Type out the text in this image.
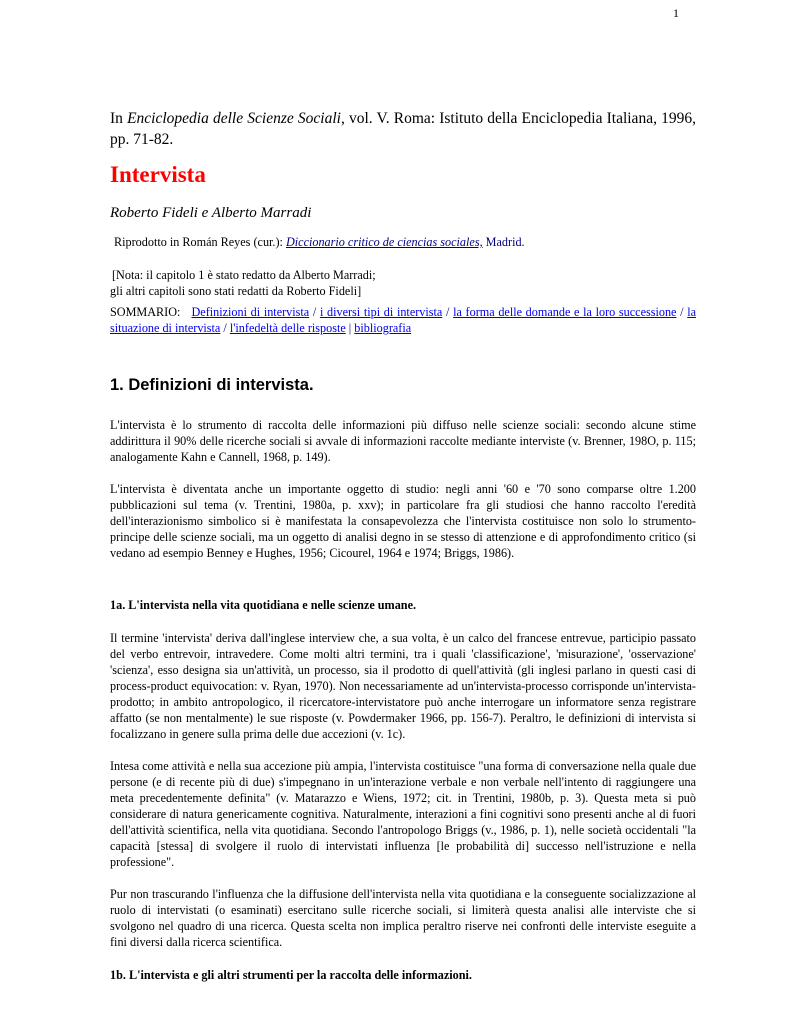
1

In Enciclopedia delle Scienze Sociali, vol. V. Roma: Istituto della Enciclopedia Italiana, 1996, pp. 71-82.

Intervista

Roberto Fideli e Alberto Marradi

Riprodotto in Román Reyes (cur.): Diccionario critico de ciencias sociales, Madrid.

[Nota: il capitolo 1 è stato redatto da Alberto Marradi;
gli altri capitoli sono stati redatti da Roberto Fideli]

SOMMARIO: Definizioni di intervista / i diversi tipi di intervista / la forma delle domande e la loro successione / la situazione di intervista / l'infedeltà delle risposte | bibliografia

1. Definizioni di intervista.

L'intervista è lo strumento di raccolta delle informazioni più diffuso nelle scienze sociali: secondo alcune stime addirittura il 90% delle ricerche sociali si avvale di informazioni raccolte mediante interviste (v. Brenner, 198O, p. 115; analogamente Kahn e Cannell, 1968, p. 149).

L'intervista è diventata anche un importante oggetto di studio: negli anni '60 e '70 sono comparse oltre 1.200 pubblicazioni sul tema (v. Trentini, 1980a, p. xxv); in particolare fra gli studiosi che hanno raccolto l'eredità dell'interazionismo simbolico si è manifestata la consapevolezza che l'intervista costituisce non solo lo strumento-principe delle scienze sociali, ma un oggetto di analisi degno in se stesso di attenzione e di approfondimento critico (si vedano ad esempio Benney e Hughes, 1956; Cicourel, 1964 e 1974; Briggs, 1986).

1a. L'intervista nella vita quotidiana e nelle scienze umane.

Il termine 'intervista' deriva dall'inglese interview che, a sua volta, è un calco del francese entrevue, participio passato del verbo entrevoir, intravedere. Come molti altri termini, tra i quali 'classificazione', 'misurazione', 'osservazione' 'scienza', esso designa sia un'attività, un processo, sia il prodotto di quell'attività (gli inglesi parlano in questi casi di process-product equivocation: v. Ryan, 1970). Non necessariamente ad un'intervista-processo corrisponde un'intervista-prodotto; in ambito antropologico, il ricercatore-intervistatore può anche interrogare un informatore senza registrare affatto (se non mentalmente) le sue risposte (v. Powdermaker 1966, pp. 156-7). Peraltro, le definizioni di intervista si focalizzano in genere sulla prima delle due accezioni (v. 1c).

Intesa come attività e nella sua accezione più ampia, l'intervista costituisce "una forma di conversazione nella quale due persone (e di recente più di due) s'impegnano in un'interazione verbale e non verbale nell'intento di raggiungere una meta precedentemente definita" (v. Matarazzo e Wiens, 1972; cit. in Trentini, 1980b, p. 3). Questa meta si può considerare di natura genericamente cognitiva. Naturalmente, interazioni a fini cognitivi sono presenti anche al di fuori dell'attività scientifica, nella vita quotidiana. Secondo l'antropologo Briggs (v., 1986, p. 1), nelle società occidentali "la capacità [stessa] di svolgere il ruolo di intervistati influenza [le probabilità di] successo nell'istruzione e nella professione".

Pur non trascurando l'influenza che la diffusione dell'intervista nella vita quotidiana e la conseguente socializzazione al ruolo di intervistati (o esaminati) esercitano sulle ricerche sociali, si limiterà questa analisi alle interviste che si svolgono nel quadro di una ricerca. Questa scelta non implica peraltro riserve nei confronti delle interviste eseguite a fini diversi dalla ricerca scientifica.

1b. L'intervista e gli altri strumenti per la raccolta delle informazioni.
